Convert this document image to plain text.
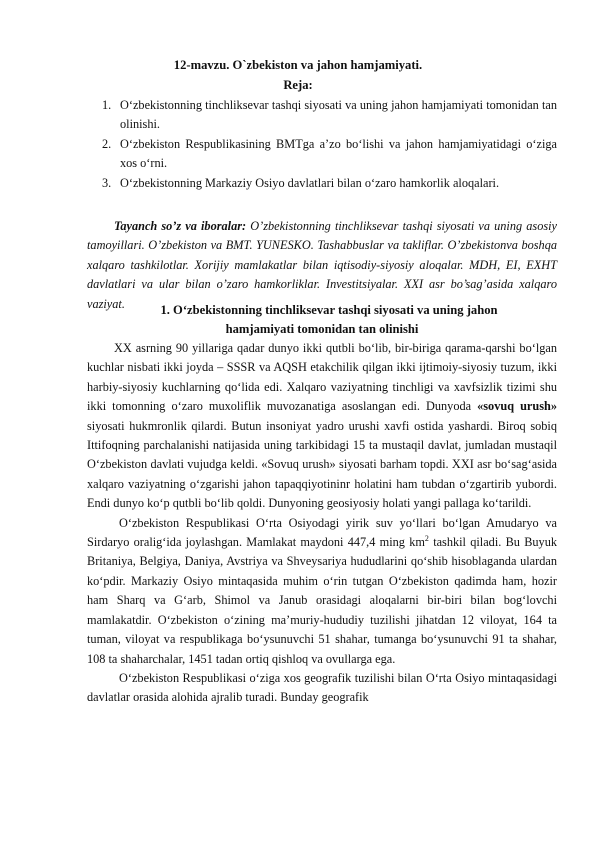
12-mavzu. O`zbekiston va jahon hamjamiyati.
Reja:
1. O‘zbekistonning tinchliksevar tashqi siyosati va uning jahon hamjamiyati tomonidan tan olinishi.
2. O‘zbekiston Respublikasining BMTga a’zo bo‘lishi va jahon hamjamiyatidagi o‘ziga xos o‘rni.
3. O‘zbekistonning Markaziy Osiyo davlatlari bilan o‘zaro hamkorlik aloqalari.
Tayanch so’z va iboralar: O’zbekistonning tinchliksevar tashqi siyosati va uning asosiy tamoyillari. O’zbekiston va BMT. YUNESKO. Tashabbuslar va takliflar. O’zbekistonva boshqa xalqaro tashkilotlar. Xorijiy mamlakatlar bilan iqtisodiy-siyosiy aloqalar. MDH, EI, EXHT davlatlari va ular bilan o’zaro hamkorliklar. Investitsiyalar. XXI asr bo’sag’asida xalqaro vaziyat.	1. O‘zbekistonning tinchliksevar tashqi siyosati va uning jahon
hamjamiyati tomonidan tan olinishi

XX asrning 90 yillariga qadar dunyo ikki qutbli bo‘lib, bir-biriga qarama-qarshi bo‘lgan kuchlar nisbati ikki joyda – SSSR va AQSH etakchilik qilgan ikki ijtimoiy-siyosiy tuzum, ikki harbiy-siyosiy kuchlarning qo‘lida edi. Xalqaro vaziyatning tinchligi va xavfsizlik tizimi shu ikki tomonning o‘zaro muxoliflik muvozanatiga asoslangan edi. Dunyoda «sovuq urush» siyosati hukmronlik qilardi. Butun insoniyat yadro urushi xavfi ostida yashardi. Biroq sobiq Ittifoqning parchalanishi natijasida uning tarkibidagi 15 ta mustaqil davlat, jumladan mustaqil O‘zbekiston davlati vujudga keldi. «Sovuq urush» siyosati barham topdi. XXI asr bo‘sag‘asida xalqaro vaziyatning o‘zgarishi jahon tapaqqiyotininr holatini ham tubdan o‘zgartirib yubordi. Endi dunyo ko‘p qutbli bo‘lib qoldi. Dunyoning geosiyosiy holati yangi pallaga ko‘tarildi.

O‘zbekiston Respublikasi O‘rta Osiyodagi yirik suv yo‘llari bo‘lgan Amudaryo va Sirdaryo oralig‘ida joylashgan. Mamlakat maydoni 447,4 ming $km^2$ tashkil qiladi. Bu Buyuk Britaniya, Belgiya, Daniya, Avstriya va Shveysariya hududlarini qo‘shib hisoblaganda ulardan ko‘pdir. Markaziy Osiyo mintaqasida muhim o‘rin tutgan O‘zbekiston qadimda ham, hozir ham Sharq va G‘arb, Shimol va Janub orasidagi aloqalarni bir-biri bilan bog‘lovchi mamlakatdir. O‘zbekiston o‘zining ma’muriy-hududiy tuzilishi jihatdan 12 viloyat, 164 ta tuman, viloyat va respublikaga bo‘ysunuvchi 51 shahar, tumanga bo‘ysunuvchi 91 ta shahar, 108 ta shaharchalar, 1451 tadan ortiq qishloq va ovullarga ega.

O‘zbekiston Respublikasi o‘ziga xos geografik tuzilishi bilan O‘rta Osiyo mintaqasidagi davlatlar orasida alohida ajralib turadi. Bunday geografik
